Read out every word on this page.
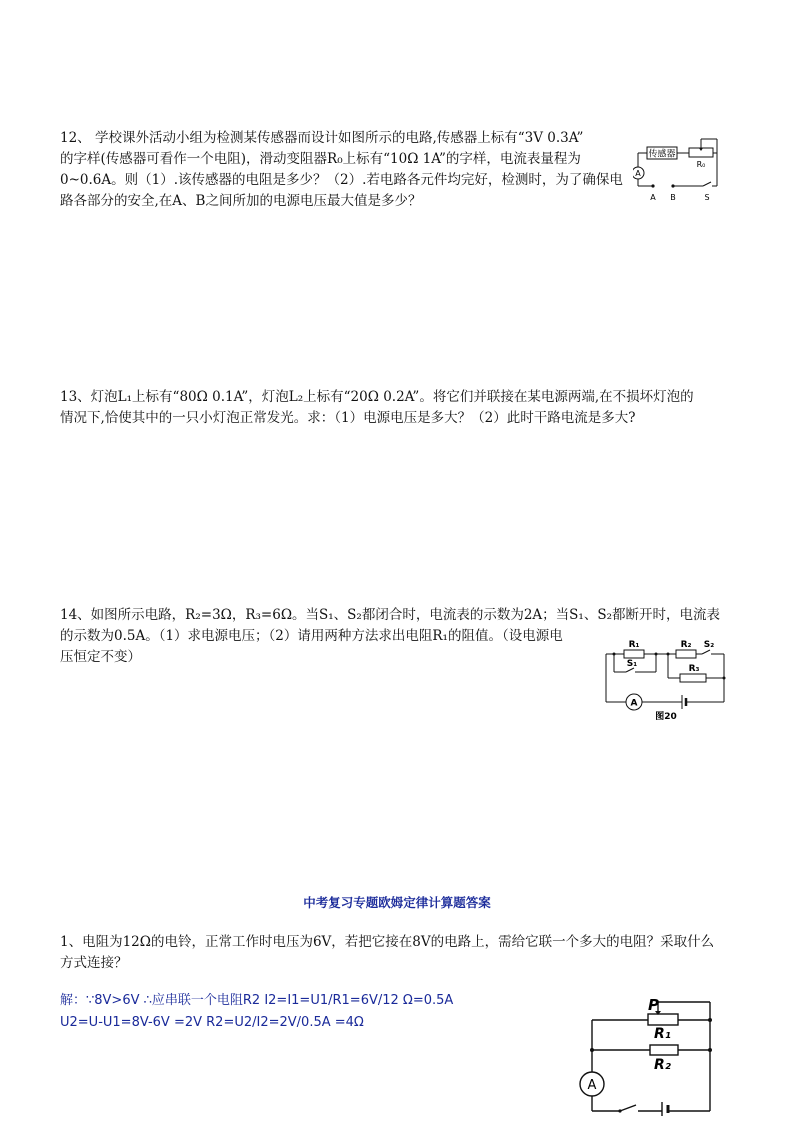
12、 学校课外活动小组为检测某传感器而设计如图所示的电路,传感器上标有“3V 0.3A”
的字样(传感器可看作一个电阻)，滑动变阻器R₀上标有“10Ω 1A”的字样，电流表量程为
0~0.6A。则（1）.该传感器的电阻是多少？（2）.若电路各元件均完好，检测时，为了确保电
路各部分的安全,在A、B之间所加的电源电压最大值是多少？
传感器
R₀
A
A B	S
13、灯泡L₁上标有“80Ω 0.1A”，灯泡L₂上标有“20Ω 0.2A”。将它们并联接在某电源两端,在不损坏灯泡的
情况下,恰使其中的一只小灯泡正常发光。求：（1）电源电压是多大？（2）此时干路电流是多大?
14、如图所示电路，R₂=3Ω，R₃=6Ω。当S₁、S₂都闭合时，电流表的示数为2A；当S₁、S₂都断开时，电流表
的示数为0.5A。（1）求电源电压；（2）请用两种方法求出电阻R₁的阻值。（设电源电
压恒定不变）
R₁	R₂ S₂
S₁	R₃
A
图20
中考复习专题欧姆定律计算题答案
1、电阻为12Ω的电铃，正常工作时电压为6V，若把它接在8V的电路上，需给它联一个多大的电阻？采取什么
方式连接？
解：∵8V>6V ∴应串联一个电阻R2 I2=I1=U1/R1=6V/12 Ω=0.5A
U2=U-U1=8V-6V =2V R2=U2/I2=2V/0.5A =4Ω
P
R₁
R₂
A
